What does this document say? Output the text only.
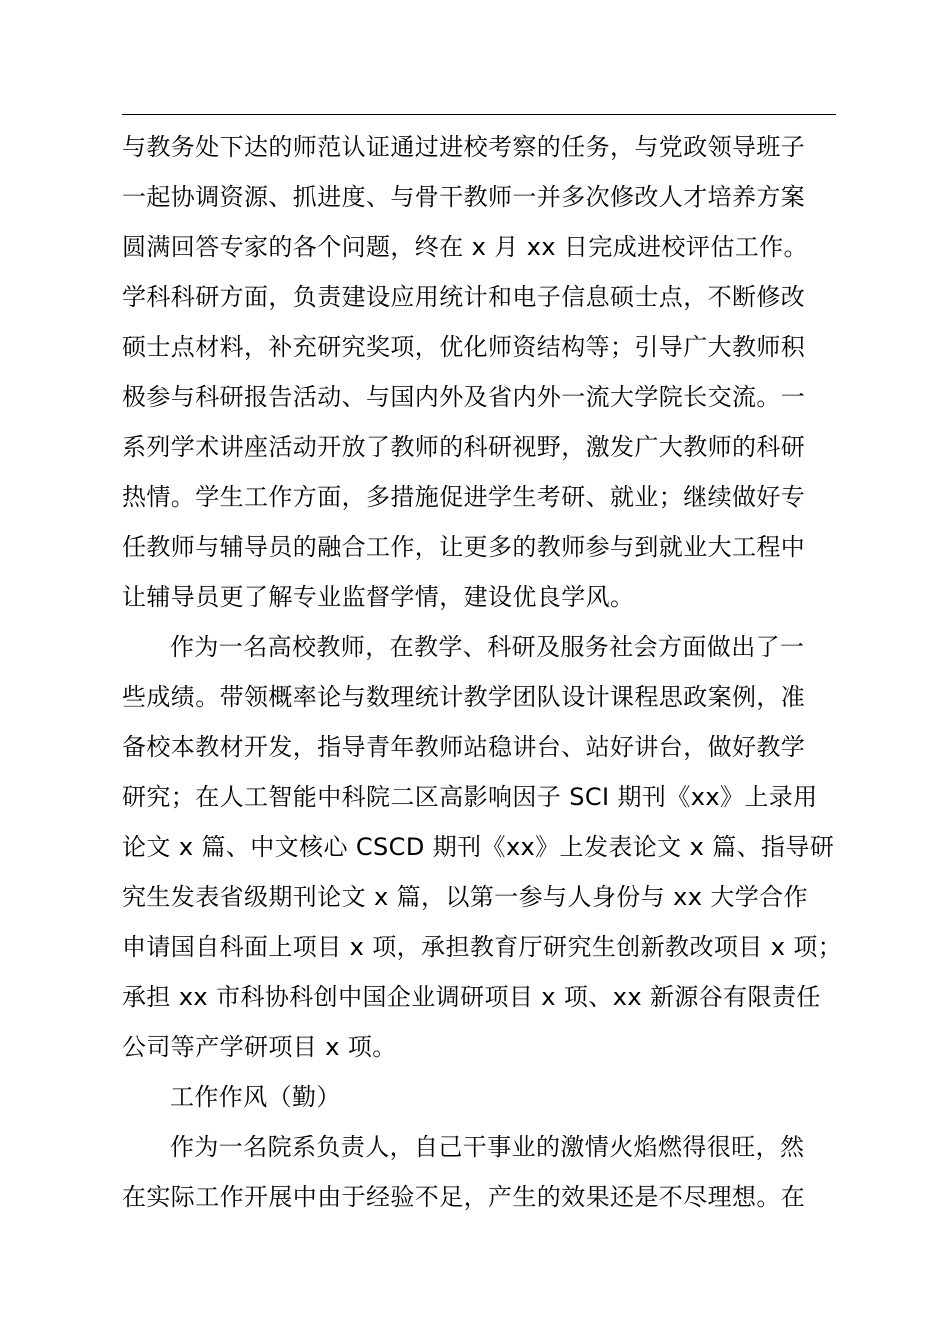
与教务处下达的师范认证通过进校考察的任务，与党政领导班子
一起协调资源、抓进度、与骨干教师一并多次修改人才培养方案
圆满回答专家的各个问题，终在 x 月 xx 日完成进校评估工作。
学科科研方面，负责建设应用统计和电子信息硕士点，不断修改
硕士点材料，补充研究奖项，优化师资结构等；引导广大教师积
极参与科研报告活动、与国内外及省内外一流大学院长交流。一
系列学术讲座活动开放了教师的科研视野，激发广大教师的科研
热情。学生工作方面，多措施促进学生考研、就业；继续做好专
任教师与辅导员的融合工作，让更多的教师参与到就业大工程中
让辅导员更了解专业监督学情，建设优良学风。
作为一名高校教师，在教学、科研及服务社会方面做出了一
些成绩。带领概率论与数理统计教学团队设计课程思政案例，准
备校本教材开发，指导青年教师站稳讲台、站好讲台，做好教学
研究；在人工智能中科院二区高影响因子 SCI 期刊《xx》上录用
论文 x 篇、中文核心 CSCD 期刊《xx》上发表论文 x 篇、指导研
究生发表省级期刊论文 x 篇，以第一参与人身份与 xx 大学合作
申请国自科面上项目 x 项，承担教育厅研究生创新教改项目 x 项；
承担 xx 市科协科创中国企业调研项目 x 项、xx 新源谷有限责任
公司等产学研项目 x 项。
工作作风（勤）
作为一名院系负责人，自己干事业的激情火焰燃得很旺，然
在实际工作开展中由于经验不足，产生的效果还是不尽理想。在
